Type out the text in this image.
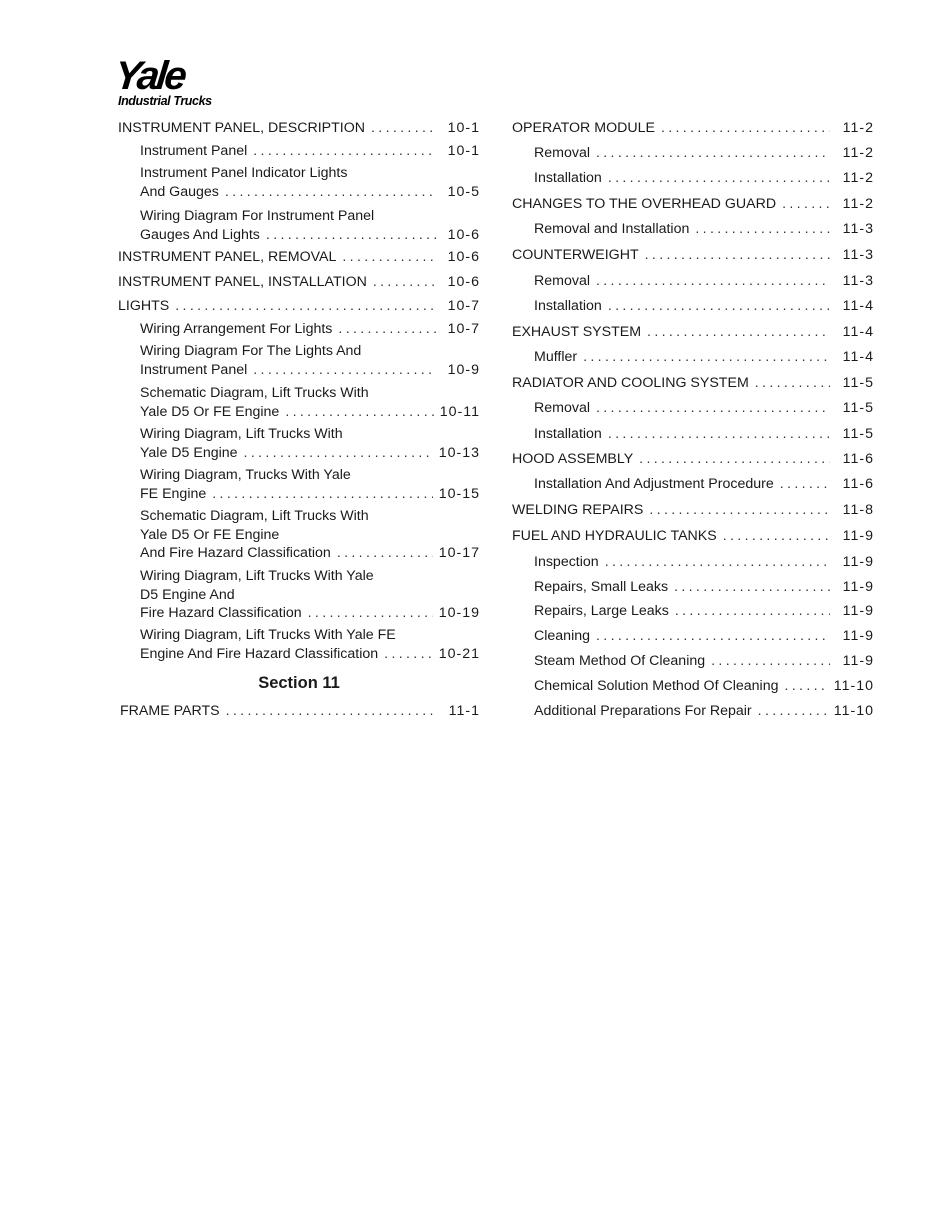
Yale
Industrial Trucks
INSTRUMENT PANEL, DESCRIPTION . . .	10-1
Instrument Panel . . .	10-1
Instrument Panel Indicator Lights
And Gauges . . .	10-5
Wiring Diagram For Instrument Panel
Gauges And Lights . . .	10-6
INSTRUMENT PANEL, REMOVAL . . .	10-6
INSTRUMENT PANEL, INSTALLATION . . .	10-6
LIGHTS . . .	10-7
Wiring Arrangement For Lights . . .	10-7
Wiring Diagram For The Lights And
Instrument Panel . . .	10-9
Schematic Diagram, Lift Trucks With
Yale D5 Or FE Engine . . .	10-11
Wiring Diagram, Lift Trucks With
Yale D5 Engine . . .	10-13
Wiring Diagram, Trucks With Yale
FE Engine . . .	10-15
Schematic Diagram, Lift Trucks With
Yale D5 Or FE Engine
And Fire Hazard Classification . . .	10-17
Wiring Diagram, Lift Trucks With Yale
D5 Engine And
Fire Hazard Classification . . .	10-19
Wiring Diagram, Lift Trucks With Yale FE
Engine And Fire Hazard Classification . . .	10-21
FRAME PARTS . . .	11-1
OPERATOR MODULE . . .	11-2
Removal . . .	11-2
Installation . . .	11-2
CHANGES TO THE OVERHEAD GUARD . . .	11-2
Removal and Installation . . .	11-3
COUNTERWEIGHT . . .	11-3
Removal . . .	11-3
Installation . . .	11-4
EXHAUST SYSTEM . . .	11-4
Muffler . . .	11-4
RADIATOR AND COOLING SYSTEM . . .	11-5
Removal . . .	11-5
Installation . . .	11-5
HOOD ASSEMBLY . . .	11-6
Installation And Adjustment Procedure . . .	11-6
WELDING REPAIRS . . .	11-8
FUEL AND HYDRAULIC TANKS . . .	11-9
Inspection . . .	11-9
Repairs, Small Leaks . . .	11-9
Repairs, Large Leaks . . .	11-9
Cleaning . . .	11-9
Steam Method Of Cleaning . . .	11-9
Chemical Solution Method Of Cleaning . . .	11-10
Additional Preparations For Repair . . .	11-10
Section 11
